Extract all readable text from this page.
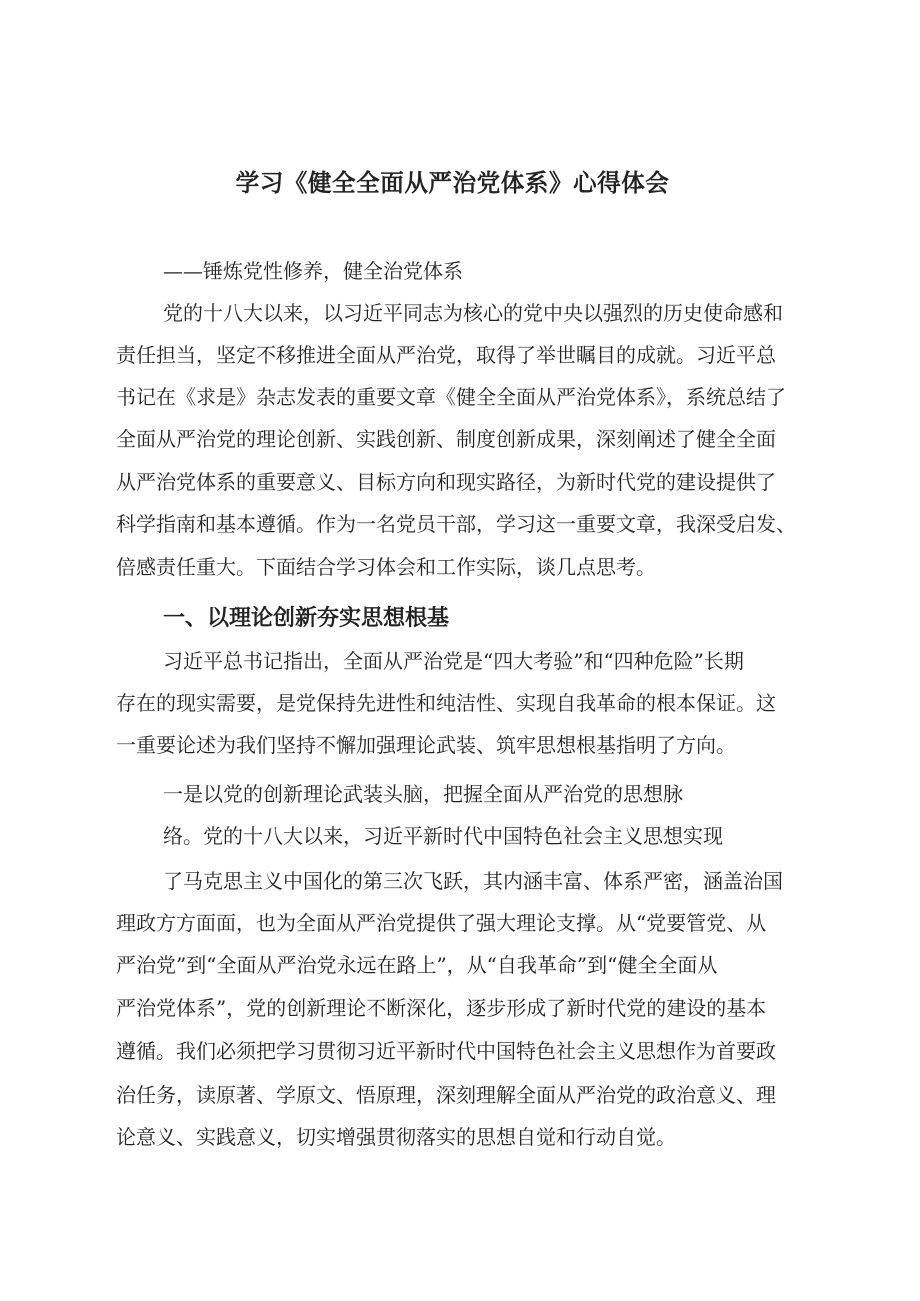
学习《健全全面从严治党体系》心得体会

——锤炼党性修养，健全治党体系

党的十八大以来，以习近平同志为核心的党中央以强烈的历史使命感和

责任担当，坚定不移推进全面从严治党，取得了举世瞩目的成就。习近平总

书记在《求是》杂志发表的重要文章《健全全面从严治党体系》，系统总结了

全面从严治党的理论创新、实践创新、制度创新成果，深刻阐述了健全全面

从严治党体系的重要意义、目标方向和现实路径，为新时代党的建设提供了

科学指南和基本遵循。作为一名党员干部，学习这一重要文章，我深受启发、

倍感责任重大。下面结合学习体会和工作实际，谈几点思考。

一、以理论创新夯实思想根基

习近平总书记指出，全面从严治党是“四大考验”和“四种危险”长期

存在的现实需要，是党保持先进性和纯洁性、实现自我革命的根本保证。这

一重要论述为我们坚持不懈加强理论武装、筑牢思想根基指明了方向。

一是以党的创新理论武装头脑，把握全面从严治党的思想脉

络。党的十八大以来，习近平新时代中国特色社会主义思想实现

了马克思主义中国化的第三次飞跃，其内涵丰富、体系严密，涵盖治国

理政方方面面，也为全面从严治党提供了强大理论支撑。从“党要管党、从

严治党”到“全面从严治党永远在路上”，从“自我革命”到“健全全面从

严治党体系”，党的创新理论不断深化，逐步形成了新时代党的建设的基本

遵循。我们必须把学习贯彻习近平新时代中国特色社会主义思想作为首要政

治任务，读原著、学原文、悟原理，深刻理解全面从严治党的政治意义、理

论意义、实践意义，切实增强贯彻落实的思想自觉和行动自觉。
